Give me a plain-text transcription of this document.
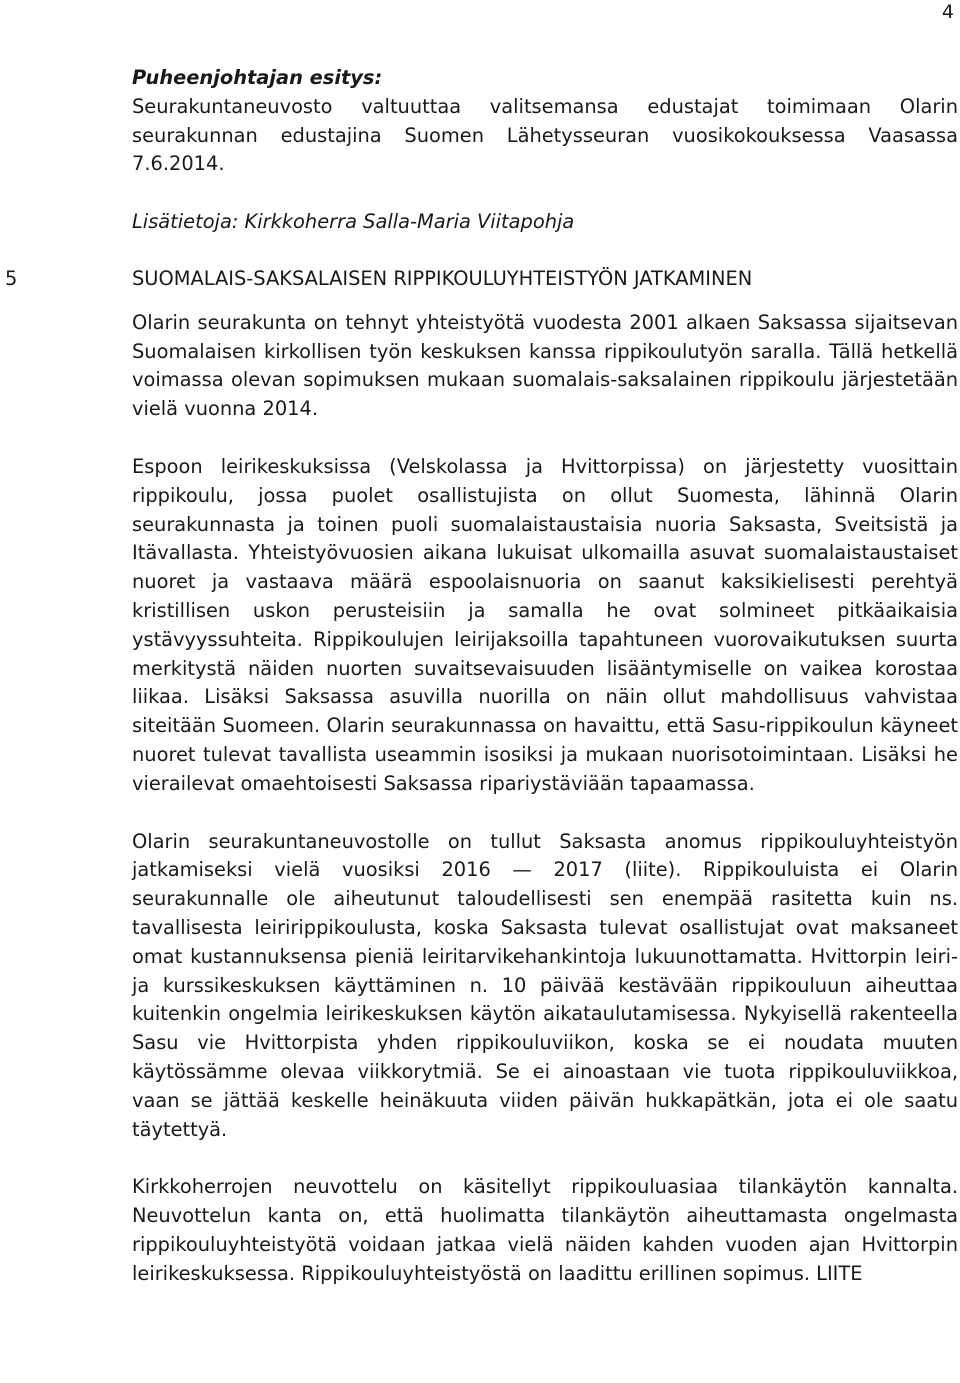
4

Puheenjohtajan esitys:

Seurakuntaneuvosto valtuuttaa valitsemansa edustajat toimimaan Olarin seurakunnan edustajina Suomen Lähetysseuran vuosikokouksessa Vaasassa 7.6.2014.

Lisätietoja: Kirkkoherra Salla-Maria Viitapohja

5	SUOMALAIS-SAKSALAISEN RIPPIKOULUYHTEISTYÖN JATKAMINEN

Olarin seurakunta on tehnyt yhteistyötä vuodesta 2001 alkaen Saksassa sijaitsevan Suomalaisen kirkollisen työn keskuksen kanssa rippikoulutyön saralla. Tällä hetkellä voimassa olevan sopimuksen mukaan suomalais-saksalainen rippikoulu järjestetään vielä vuonna 2014.

Espoon leirikeskuksissa (Velskolassa ja Hvittorpissa) on järjestetty vuosittain rippikoulu, jossa puolet osallistujista on ollut Suomesta, lähinnä Olarin seurakunnasta ja toinen puoli suomalaistaustaisia nuoria Saksasta, Sveitsistä ja Itävallasta. Yhteistyövuosien aikana lukuisat ulkomailla asuvat suomalaistaustaiset nuoret ja vastaava määrä espoolaisnuoria on saanut kaksikielisesti perehtyä kristillisen uskon perusteisiin ja samalla he ovat solmineet pitkäaikaisia ystävyyssuhteita. Rippikoulujen leirijaksoilla tapahtuneen vuorovaikutuksen suurta merkitystä näiden nuorten suvaitsevaisuuden lisääntymiselle on vaikea korostaa liikaa. Lisäksi Saksassa asuvilla nuorilla on näin ollut mahdollisuus vahvistaa siteitään Suomeen. Olarin seurakunnassa on havaittu, että Sasu-rippikoulun käyneet nuoret tulevat tavallista useammin isosiksi ja mukaan nuorisotoimintaan. Lisäksi he vierailevat omaehtoisesti Saksassa ripariystäviään tapaamassa.

Olarin seurakuntaneuvostolle on tullut Saksasta anomus rippikouluyhteistyön jatkamiseksi vielä vuosiksi 2016 — 2017 (liite). Rippikouluista ei Olarin seurakunnalle ole aiheutunut taloudellisesti sen enempää rasitetta kuin ns. tavallisesta leiririppikoulusta, koska Saksasta tulevat osallistujat ovat maksaneet omat kustannuksensa pieniä leiritarvikehankintoja lukuunottamatta. Hvittorpin leiri- ja kurssikeskuksen käyttäminen n. 10 päivää kestävään rippikouluun aiheuttaa kuitenkin ongelmia leirikeskuksen käytön aikataulutamisessa. Nykyisellä rakenteella Sasu vie Hvittorpista yhden rippikouluviikon, koska se ei noudata muuten käytössämme olevaa viikkorytmiä. Se ei ainoastaan vie tuota rippikouluviikkoa, vaan se jättää keskelle heinäkuuta viiden päivän hukkapätkän, jota ei ole saatu täytettyä.

Kirkkoherrojen neuvottelu on käsitellyt rippikouluasiaa tilankäytön kannalta. Neuvottelun kanta on, että huolimatta tilankäytön aiheuttamasta ongelmasta rippikouluyhteistyötä voidaan jatkaa vielä näiden kahden vuoden ajan Hvittorpin leirikeskuksessa. Rippikouluyhteistyöstä on laadittu erillinen sopimus. LIITE
